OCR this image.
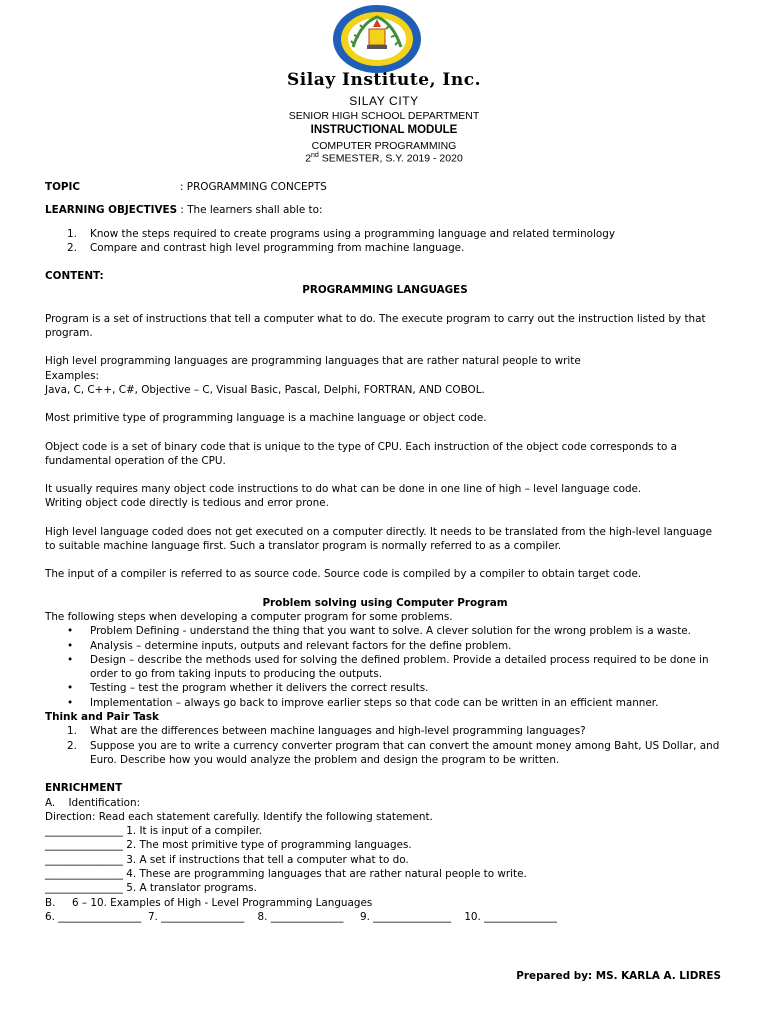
Silay Institute, Inc.
SILAY CITY
SENIOR HIGH SCHOOL DEPARTMENT
INSTRUCTIONAL MODULE
COMPUTER PROGRAMMING
2nd SEMESTER, S.Y. 2019 - 2020

TOPIC	: PROGRAMMING CONCEPTS

LEARNING OBJECTIVES : The learners shall able to:

1. Know the steps required to create programs using a programming language and related terminology
2. Compare and contrast high level programming from machine language.

CONTENT:

PROGRAMMING LANGUAGES

Program is a set of instructions that tell a computer what to do. The execute program to carry out the instruction listed by that program.

High level programming languages are programming languages that are rather natural people to write

Examples:

Java, C, C++, C#, Objective – C, Visual Basic, Pascal, Delphi, FORTRAN, AND COBOL.

Most primitive type of programming language is a machine language or object code.

Object code is a set of binary code that is unique to the type of CPU. Each instruction of the object code corresponds to a fundamental operation of the CPU.

It usually requires many object code instructions to do what can be done in one line of high – level language code.

Writing object code directly is tedious and error prone.

High level language coded does not get executed on a computer directly. It needs to be translated from the high-level language to suitable machine language first. Such a translator program is normally referred to as a compiler.

The input of a compiler is referred to as source code. Source code is compiled by a compiler to obtain target code.

Problem solving using Computer Program

The following steps when developing a computer program for some problems.

• Problem Defining - understand the thing that you want to solve. A clever solution for the wrong problem is a waste.
• Analysis – determine inputs, outputs and relevant factors for the define problem.
• Design – describe the methods used for solving the defined problem. Provide a detailed process required to be done in order to go from taking inputs to producing the outputs.
• Testing – test the program whether it delivers the correct results.
• Implementation – always go back to improve earlier steps so that code can be written in an efficient manner.

Think and Pair Task

1. What are the differences between machine languages and high-level programming languages?
2. Suppose you are to write a currency converter program that can convert the amount money among Baht, US Dollar, and Euro. Describe how you would analyze the problem and design the program to be written.

ENRICHMENT

A.    Identification:

Direction: Read each statement carefully. Identify the following statement.

_______________ 1. It is input of a compiler.

_______________ 2. The most primitive type of programming languages.

_______________ 3. A set if instructions that tell a computer what to do.

_______________ 4. These are programming languages that are rather natural people to write.

_______________ 5. A translator programs.

B.     6 – 10. Examples of High - Level Programming Languages

6. ________________  7. ________________    8. ______________     9. _______________    10. ______________

Prepared by: MS. KARLA A. LIDRES
